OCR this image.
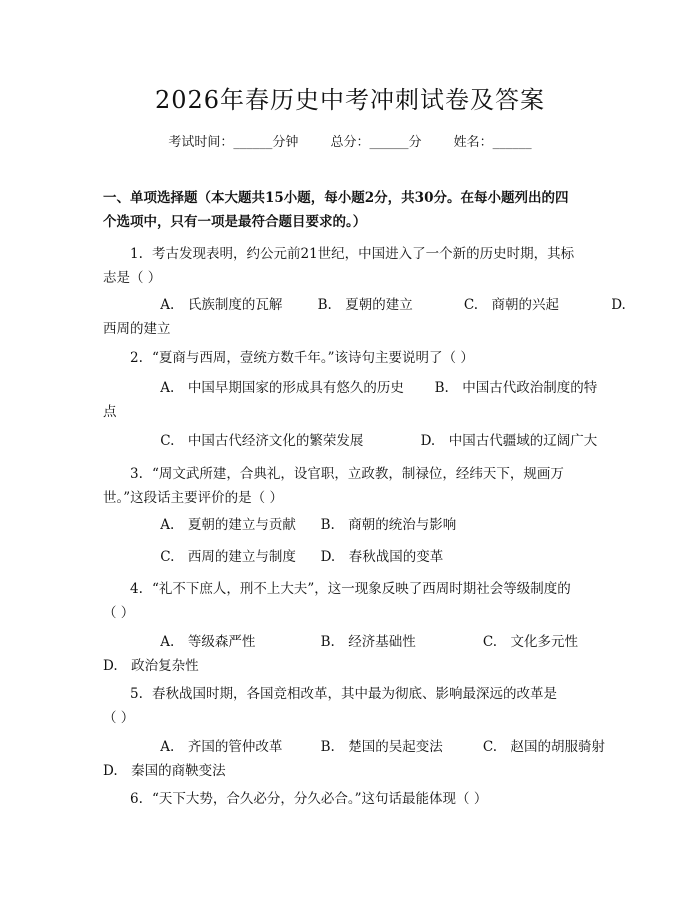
2026年春历史中考冲刺试卷及答案
考试时间：______分钟 总分：______分 姓名：______
一、单项选择题（本大题共15小题，每小题2分，共30分。在每小题列出的四
个选项中，只有一项是最符合题目要求的。）
1. 考古发现表明，约公元前21世纪，中国进入了一个新的历史时期，其标
志是（ ）
A.　氏族制度的瓦解	B.　夏朝的建立	C.　商朝的兴起	D.
西周的建立
2. “夏商与西周，壹统方数千年。”该诗句主要说明了（ ）
A.　中国早期国家的形成具有悠久的历史 B.　中国古代政治制度的特
点
C.　中国古代经济文化的繁荣发展	D.　中国古代疆域的辽阔广大
3. “周文武所建，合典礼，设官职，立政教，制禄位，经纬天下，规画万
世。”这段话主要评价的是（ ）
A.　夏朝的建立与贡献 B.　商朝的统治与影响
C.　西周的建立与制度 D.　春秋战国的变革
4. “礼不下庶人，刑不上大夫”，这一现象反映了西周时期社会等级制度的
（ ）
A.　等级森严性	B.　经济基础性	C.　文化多元性
D.　政治复杂性
5. 春秋战国时期，各国竞相改革，其中最为彻底、影响最深远的改革是
（ ）
A.　齐国的管仲改革	B.　楚国的吴起变法	C.　赵国的胡服骑射
D.　秦国的商鞅变法
6. “天下大势，合久必分，分久必合。”这句话最能体现（ ）
